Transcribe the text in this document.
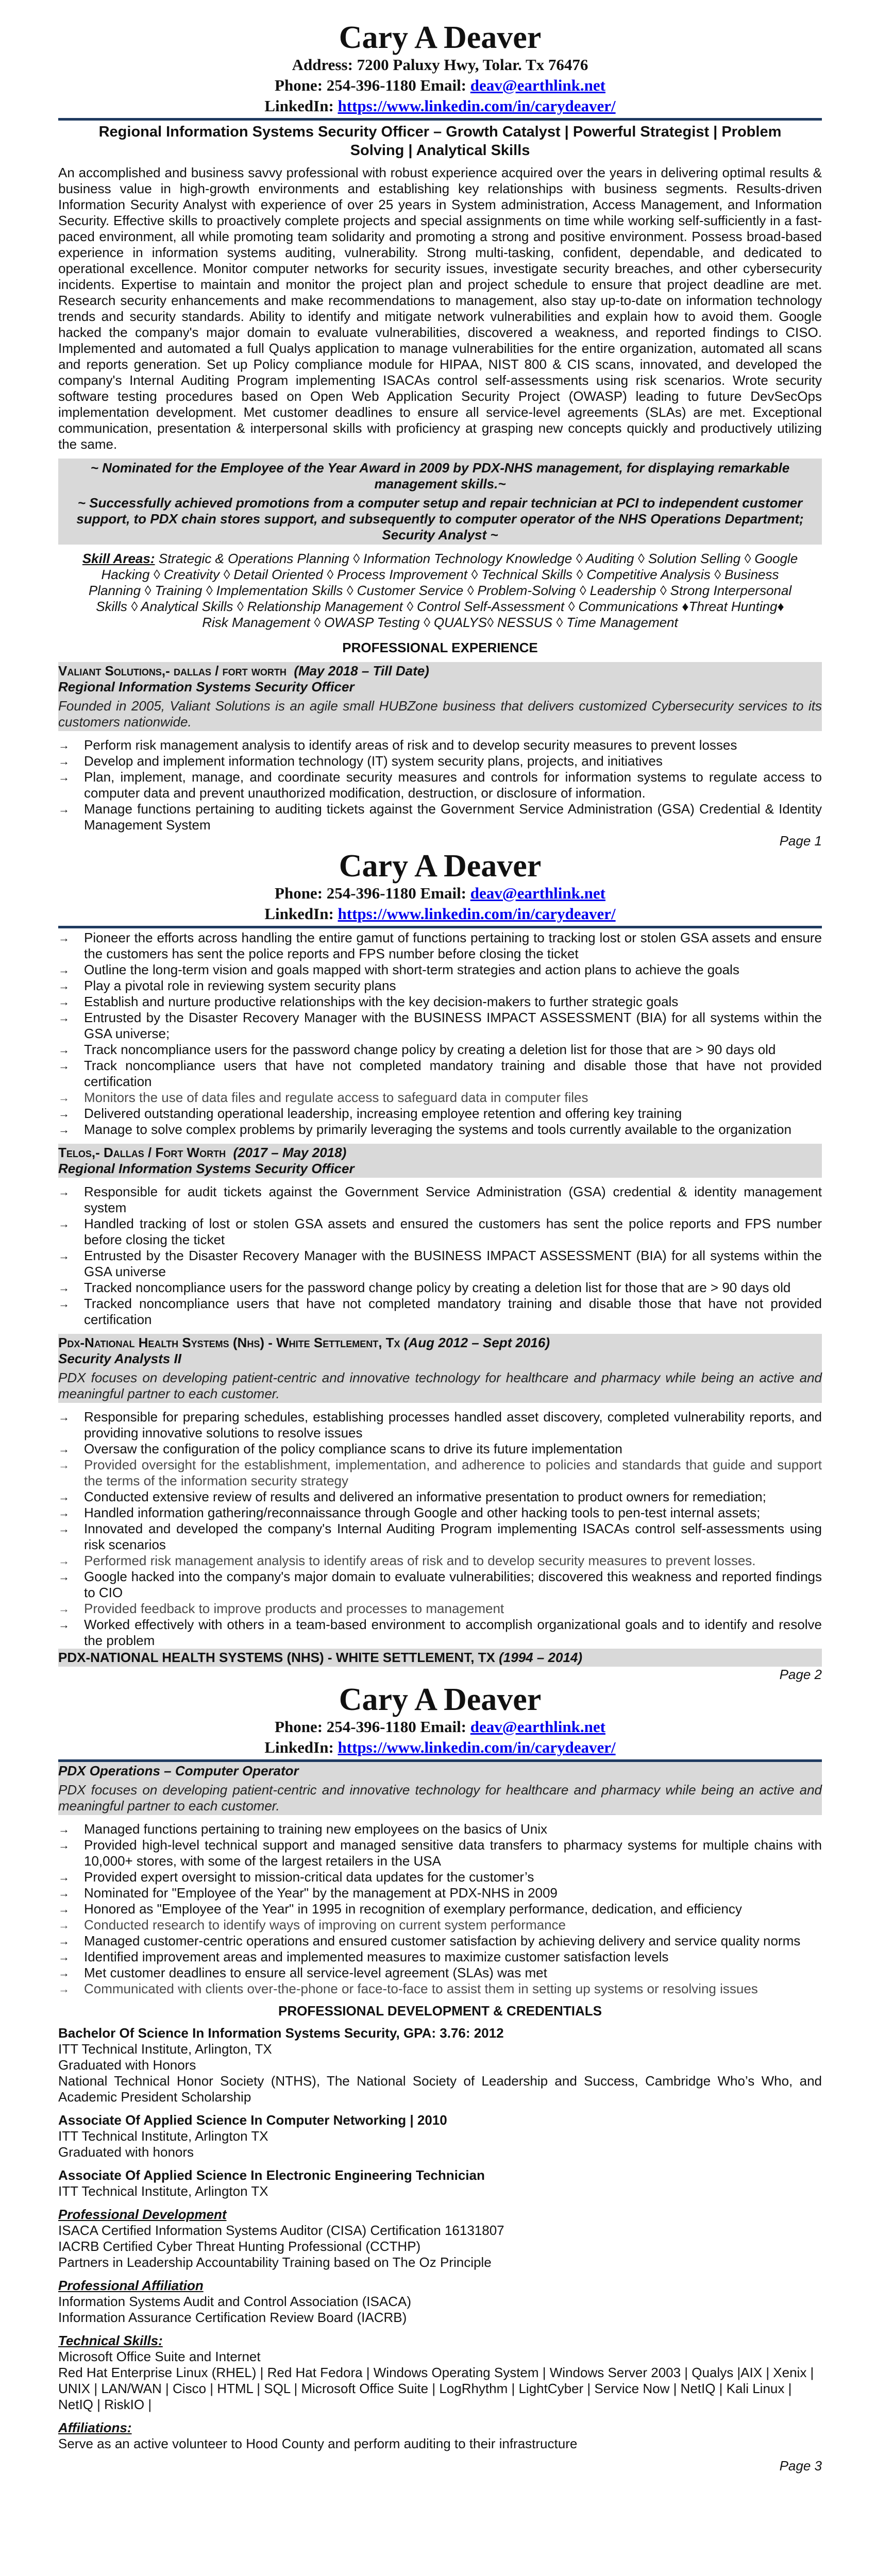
Cary A Deaver
Address: 7200 Paluxy Hwy, Tolar. Tx 76476
Phone: 254-396-1180 Email: deav@earthlink.net
LinkedIn: https://www.linkedin.com/in/carydeaver/
Regional Information Systems Security Officer – Growth Catalyst | Powerful Strategist | Problem Solving | Analytical Skills
An accomplished and business savvy professional with robust experience acquired over the years in delivering optimal results & business value in high-growth environments and establishing key relationships with business segments. Results-driven Information Security Analyst with experience of over 25 years in System administration, Access Management, and Information Security. Effective skills to proactively complete projects and special assignments on time while working self-sufficiently in a fast-paced environment, all while promoting team solidarity and promoting a strong and positive environment. Possess broad-based experience in information systems auditing, vulnerability. Strong multi-tasking, confident, dependable, and dedicated to operational excellence. Monitor computer networks for security issues, investigate security breaches, and other cybersecurity incidents. Expertise to maintain and monitor the project plan and project schedule to ensure that project deadline are met. Research security enhancements and make recommendations to management, also stay up-to-date on information technology trends and security standards. Ability to identify and mitigate network vulnerabilities and explain how to avoid them. Google hacked the company's major domain to evaluate vulnerabilities, discovered a weakness, and reported findings to CISO. Implemented and automated a full Qualys application to manage vulnerabilities for the entire organization, automated all scans and reports generation. Set up Policy compliance module for HIPAA, NIST 800 & CIS scans, innovated, and developed the company's Internal Auditing Program implementing ISACAs control self-assessments using risk scenarios. Wrote security software testing procedures based on Open Web Application Security Project (OWASP) leading to future DevSecOps implementation development. Met customer deadlines to ensure all service-level agreements (SLAs) are met. Exceptional communication, presentation & interpersonal skills with proficiency at grasping new concepts quickly and productively utilizing the same.

~ Nominated for the Employee of the Year Award in 2009 by PDX-NHS management, for displaying remarkable management skills.~

~ Successfully achieved promotions from a computer setup and repair technician at PCI to independent customer support, to PDX chain stores support, and subsequently to computer operator of the NHS Operations Department; Security Analyst ~

Skill Areas: Strategic & Operations Planning ◊ Information Technology Knowledge ◊ Auditing ◊ Solution Selling ◊ Google Hacking ◊ Creativity ◊ Detail Oriented ◊ Process Improvement ◊ Technical Skills ◊ Competitive Analysis ◊ Business Planning ◊ Training ◊ Implementation Skills ◊ Customer Service ◊ Problem-Solving ◊ Leadership ◊ Strong Interpersonal Skills ◊ Analytical Skills ◊ Relationship Management ◊ Control Self-Assessment ◊ Communications ♦Threat Hunting♦ Risk Management ◊ OWASP Testing ◊ QUALYS◊ NESSUS ◊ Time Management
PROFESSIONAL EXPERIENCE
Valiant Solutions,- dallas / fort worth (May 2018 – Till Date)
Regional Information Systems Security Officer
Founded in 2005, Valiant Solutions is an agile small HUBZone business that delivers customized Cybersecurity services to its customers nationwide.
→ Perform risk management analysis to identify areas of risk and to develop security measures to prevent losses
→ Develop and implement information technology (IT) system security plans, projects, and initiatives
→ Plan, implement, manage, and coordinate security measures and controls for information systems to regulate access to computer data and prevent unauthorized modification, destruction, or disclosure of information.
→ Manage functions pertaining to auditing tickets against the Government Service Administration (GSA) Credential & Identity Management System
Page 1
Cary A Deaver
Phone: 254-396-1180 Email: deav@earthlink.net
LinkedIn: https://www.linkedin.com/in/carydeaver/
→ Pioneer the efforts across handling the entire gamut of functions pertaining to tracking lost or stolen GSA assets and ensure the customers has sent the police reports and FPS number before closing the ticket
→ Outline the long-term vision and goals mapped with short-term strategies and action plans to achieve the goals
→ Play a pivotal role in reviewing system security plans
→ Establish and nurture productive relationships with the key decision-makers to further strategic goals
→ Entrusted by the Disaster Recovery Manager with the BUSINESS IMPACT ASSESSMENT (BIA) for all systems within the GSA universe;
→ Track noncompliance users for the password change policy by creating a deletion list for those that are > 90 days old
→ Track noncompliance users that have not completed mandatory training and disable those that have not provided certification
→ Monitors the use of data files and regulate access to safeguard data in computer files
→ Delivered outstanding operational leadership, increasing employee retention and offering key training
→ Manage to solve complex problems by primarily leveraging the systems and tools currently available to the organization
Telos,- Dallas / Fort Worth (2017 – May 2018)
Regional Information Systems Security Officer
→ Responsible for audit tickets against the Government Service Administration (GSA) credential & identity management system
→ Handled tracking of lost or stolen GSA assets and ensured the customers has sent the police reports and FPS number before closing the ticket
→ Entrusted by the Disaster Recovery Manager with the BUSINESS IMPACT ASSESSMENT (BIA) for all systems within the GSA universe
→ Tracked noncompliance users for the password change policy by creating a deletion list for those that are > 90 days old
→ Tracked noncompliance users that have not completed mandatory training and disable those that have not provided certification
Pdx-National Health Systems (Nhs) - White Settlement, Tx (Aug 2012 – Sept 2016)
Security Analysts II
PDX focuses on developing patient-centric and innovative technology for healthcare and pharmacy while being an active and meaningful partner to each customer.
→ Responsible for preparing schedules, establishing processes handled asset discovery, completed vulnerability reports, and providing innovative solutions to resolve issues
→ Oversaw the configuration of the policy compliance scans to drive its future implementation
→ Provided oversight for the establishment, implementation, and adherence to policies and standards that guide and support the terms of the information security strategy
→ Conducted extensive review of results and delivered an informative presentation to product owners for remediation;
→ Handled information gathering/reconnaissance through Google and other hacking tools to pen-test internal assets;
→ Innovated and developed the company's Internal Auditing Program implementing ISACAs control self-assessments using risk scenarios
→ Performed risk management analysis to identify areas of risk and to develop security measures to prevent losses.
→ Google hacked into the company's major domain to evaluate vulnerabilities; discovered this weakness and reported findings to CIO
→ Provided feedback to improve products and processes to management
→ Worked effectively with others in a team-based environment to accomplish organizational goals and to identify and resolve the problem
PDX-NATIONAL HEALTH SYSTEMS (NHS) - WHITE SETTLEMENT, TX (1994 – 2014)
Page 2
Cary A Deaver
Phone: 254-396-1180 Email: deav@earthlink.net
LinkedIn: https://www.linkedin.com/in/carydeaver/
PDX Operations – Computer Operator
PDX focuses on developing patient-centric and innovative technology for healthcare and pharmacy while being an active and meaningful partner to each customer.
→ Managed functions pertaining to training new employees on the basics of Unix
→ Provided high-level technical support and managed sensitive data transfers to pharmacy systems for multiple chains with 10,000+ stores, with some of the largest retailers in the USA
→ Provided expert oversight to mission-critical data updates for the customer’s
→ Nominated for "Employee of the Year" by the management at PDX-NHS in 2009
→ Honored as "Employee of the Year" in 1995 in recognition of exemplary performance, dedication, and efficiency
→ Conducted research to identify ways of improving on current system performance
→ Managed customer-centric operations and ensured customer satisfaction by achieving delivery and service quality norms
→ Identified improvement areas and implemented measures to maximize customer satisfaction levels
→ Met customer deadlines to ensure all service-level agreement (SLAs) was met
→ Communicated with clients over-the-phone or face-to-face to assist them in setting up systems or resolving issues
PROFESSIONAL DEVELOPMENT & CREDENTIALS
Bachelor Of Science In Information Systems Security, GPA: 3.76: 2012
ITT Technical Institute, Arlington, TX
Graduated with Honors
National Technical Honor Society (NTHS), The National Society of Leadership and Success, Cambridge Who’s Who, and Academic President Scholarship
Associate Of Applied Science In Computer Networking | 2010
ITT Technical Institute, Arlington TX
Graduated with honors
Associate Of Applied Science In Electronic Engineering Technician
ITT Technical Institute, Arlington TX
Professional Development
ISACA Certified Information Systems Auditor (CISA) Certification 16131807
IACRB Certified Cyber Threat Hunting Professional (CCTHP)
Partners in Leadership Accountability Training based on The Oz Principle
Professional Affiliation
Information Systems Audit and Control Association (ISACA)
Information Assurance Certification Review Board (IACRB)
Technical Skills:
Microsoft Office Suite and Internet
Red Hat Enterprise Linux (RHEL) | Red Hat Fedora | Windows Operating System | Windows Server 2003 | Qualys |AIX | Xenix | UNIX | LAN/WAN | Cisco | HTML | SQL | Microsoft Office Suite | LogRhythm | LightCyber | Service Now | NetIQ | Kali Linux | NetIQ | RiskIO |
Affiliations:
Serve as an active volunteer to Hood County and perform auditing to their infrastructure
Page 3
